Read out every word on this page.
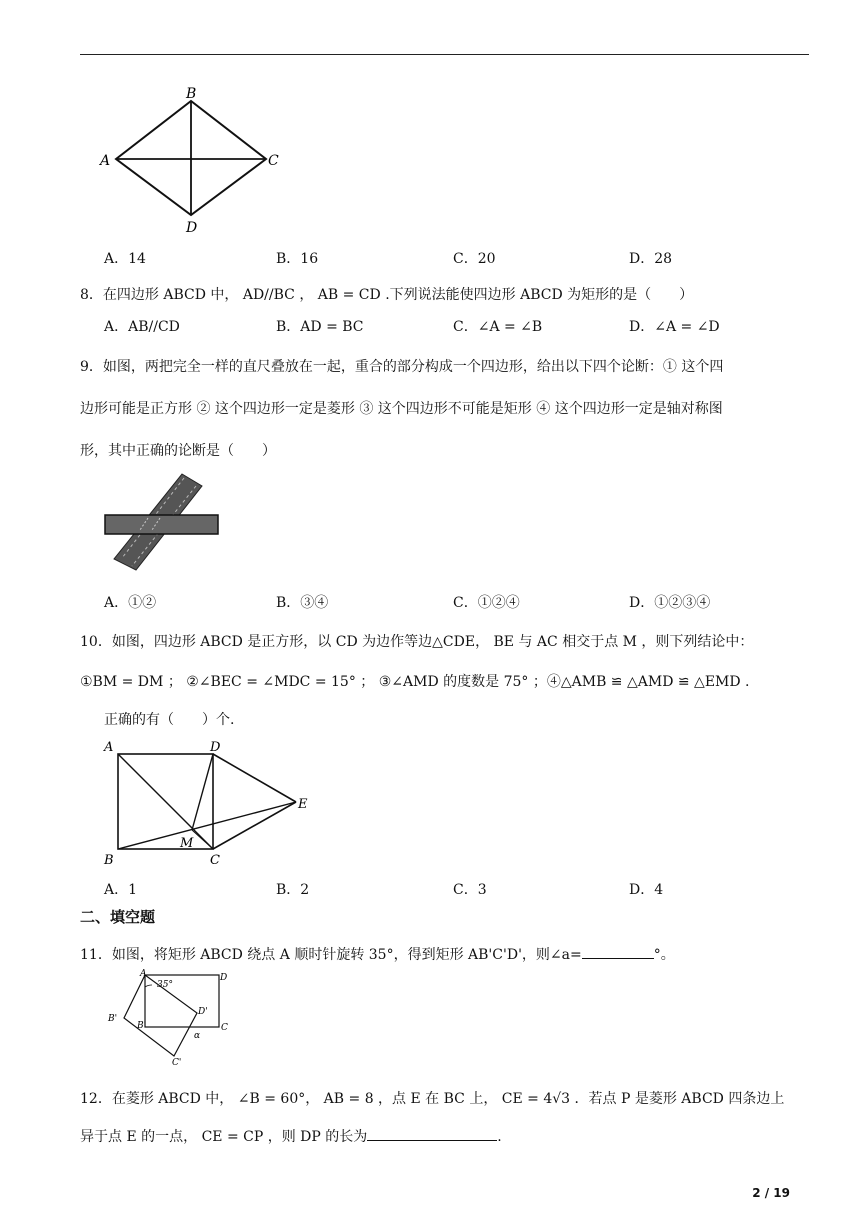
A
B
C
D
A．14	B．16	C．20	D．28
8．在四边形 ABCD 中， AD//BC ， AB = CD .下列说法能使四边形 ABCD 为矩形的是（　　）
A．AB//CD	B．AD = BC	C．∠A = ∠B	D．∠A = ∠D
9．如图，两把完全一样的直尺叠放在一起，重合的部分构成一个四边形，给出以下四个论断：① 这个四
边形可能是正方形 ② 这个四边形一定是菱形 ③ 这个四边形不可能是矩形 ④ 这个四边形一定是轴对称图
形，其中正确的论断是（　　）
A．①②	B．③④	C．①②④	D．①②③④
10．如图，四边形 ABCD 是正方形，以 CD 为边作等边△CDE， BE 与 AC 相交于点 M ，则下列结论中：
①BM = DM ； ②∠BEC = ∠MDC = 15° ； ③∠AMD 的度数是 75° ；④△AMB ≌ △AMD ≌ △EMD .
正确的有（　　）个.
A	D
E
B	C
M
A．1	B．2	C．3	D．4
二、填空题
11．如图，将矩形 ABCD 绕点 A 顺时针旋转 35°，得到矩形 AB'C'D'，则∠a=	°。
A
35°
D
B'
B'
D'
C
α
C'
12．在菱形 ABCD 中， ∠B = 60°， AB = 8 ，点 E 在 BC 上， CE = 4√3 ．若点 P 是菱形 ABCD 四条边上
异于点 E 的一点， CE = CP ，则 DP 的长为	.
2 / 19
